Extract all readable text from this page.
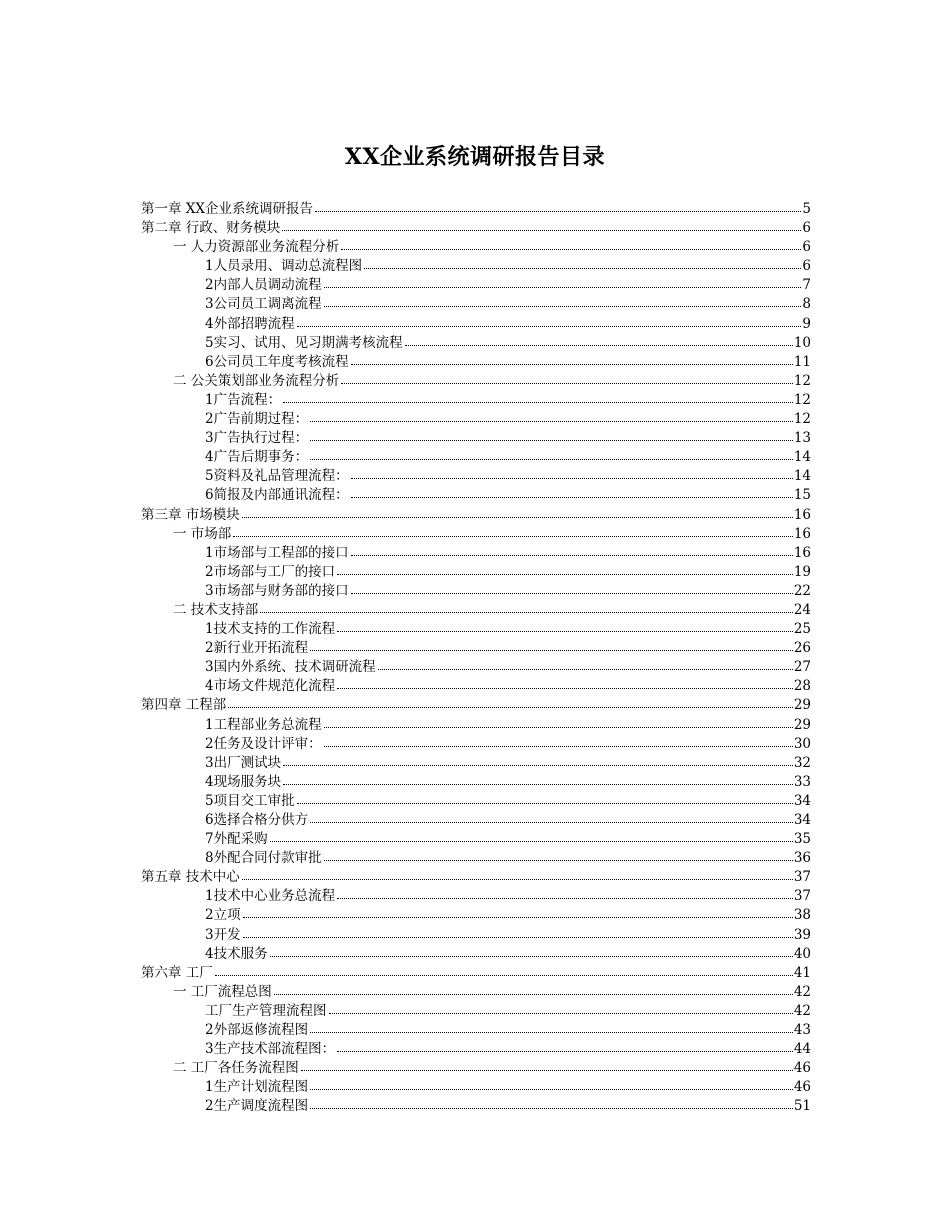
XX企业系统调研报告目录
第一章 XX企业系统调研报告	5
第二章 行政、财务模块	6
一 人力资源部业务流程分析	6
1人员录用、调动总流程图	6
2内部人员调动流程	7
3公司员工调离流程	8
4外部招聘流程	9
5实习、试用、见习期满考核流程	10
6公司员工年度考核流程	11
二 公关策划部业务流程分析	12
1广告流程：	12
2广告前期过程：	12
3广告执行过程：	13
4广告后期事务：	14
5资料及礼品管理流程：	14
6简报及内部通讯流程：	15
第三章 市场模块	16
一 市场部	16
1市场部与工程部的接口	16
2市场部与工厂的接口	19
3市场部与财务部的接口	22
二 技术支持部	24
1技术支持的工作流程	25
2新行业开拓流程	26
3国内外系统、技术调研流程	27
4市场文件规范化流程	28
第四章 工程部	29
1工程部业务总流程	29
2任务及设计评审：	30
3出厂测试块	32
4现场服务块	33
5项目交工审批	34
6选择合格分供方	34
7外配采购	35
8外配合同付款审批	36
第五章 技术中心	37
1技术中心业务总流程	37
2立项	38
3开发	39
4技术服务	40
第六章 工厂	41
一 工厂流程总图	42
工厂生产管理流程图	42
2外部返修流程图	43
3生产技术部流程图：	44
二 工厂各任务流程图	46
1生产计划流程图	46
2生产调度流程图	51
